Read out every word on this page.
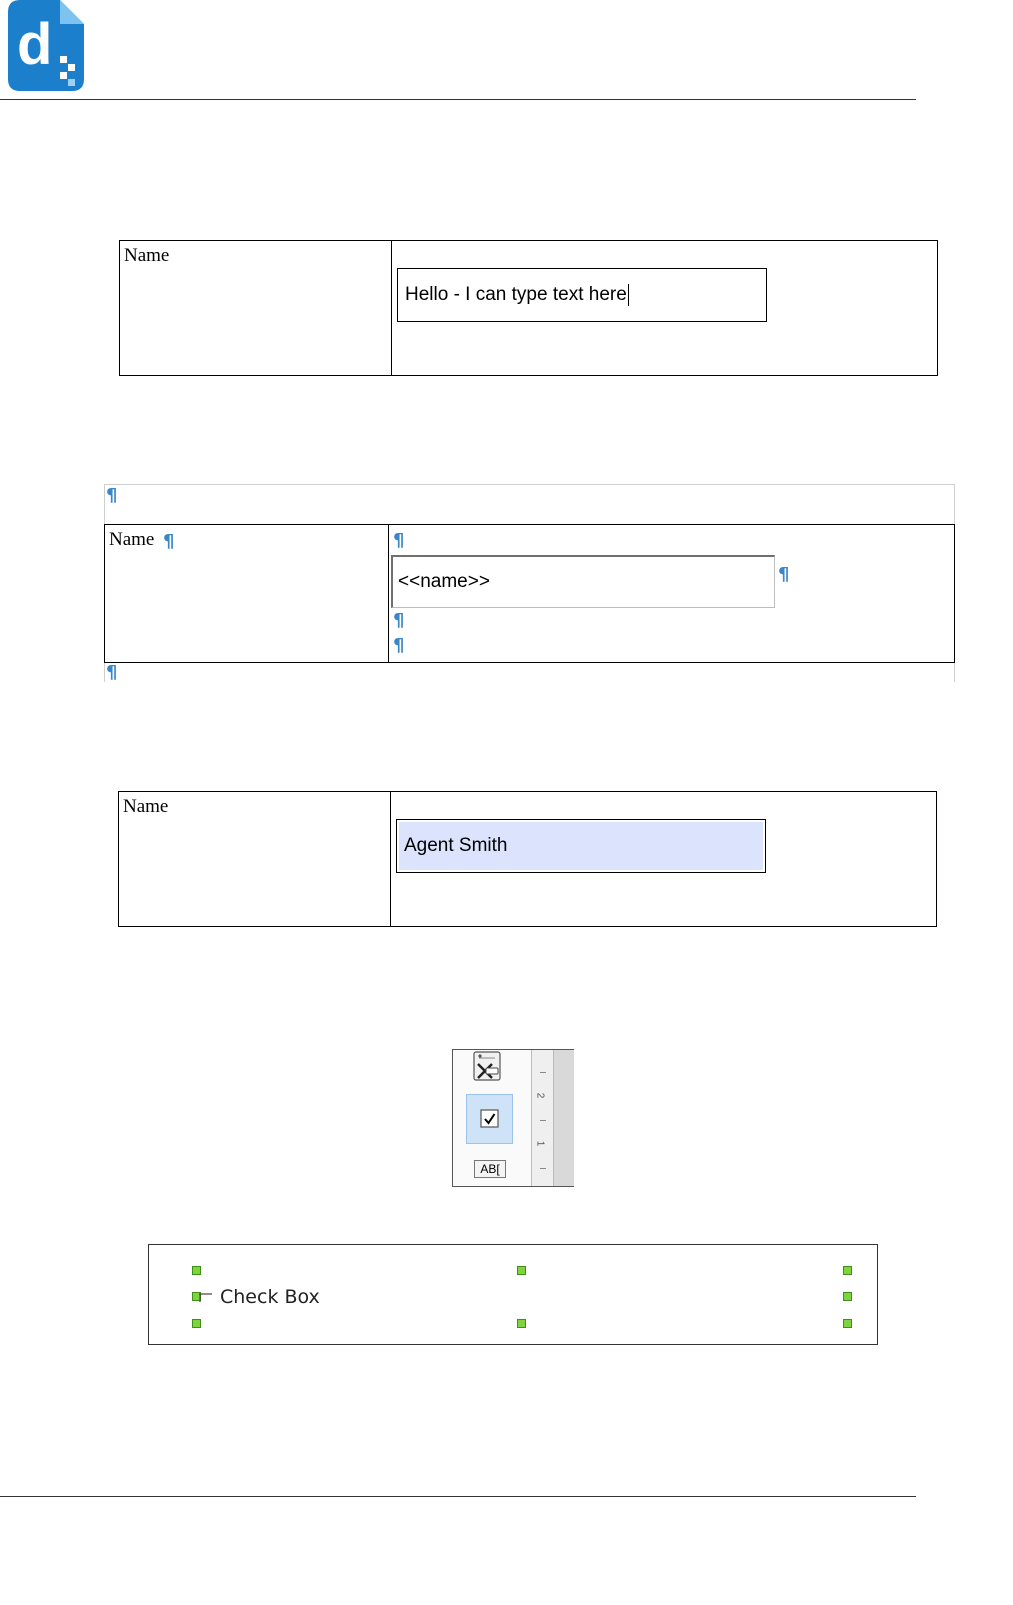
d
Name
Hello - I can type text here
¶
Name ¶	¶
<<name>>	¶
¶
¶
¶
Name
Agent Smith
AB[
2
1
Check Box
